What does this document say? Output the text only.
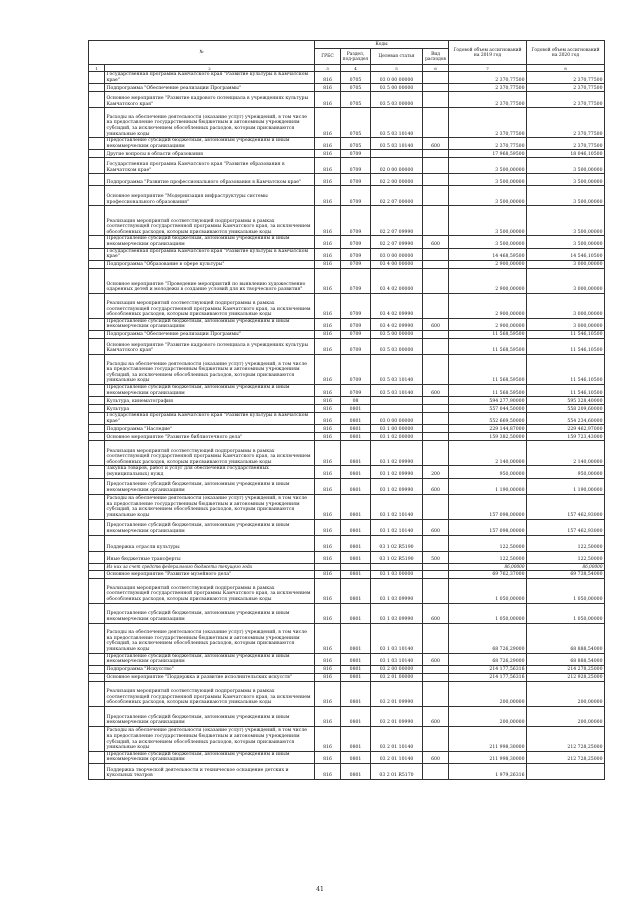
№		Коды				Годовой объем ассигнований на 2019 год	Годовой объем ассигнований на 2020 год
		ГРБС	Раздел, под-раздел	Целевая статья	Вид расходов		
1	2	3	4	5	6	7	8
	Государственная программа Камчатского края "Развитие культуры в Камчатском крае"	816	0705	03 0 00 00000		2 370,77500	2 370,77500
	Подпрограмма "Обеспечение реализации Программы"	816	0705	03 5 00 00000		2 370,77500	2 370,77500
	Основное мероприятие "Развитие кадрового потенциала в учреждениях культуры Камчатского края"	816	0705	03 5 03 00000		2 370,77500	2 370,77500
	Расходы на обеспечение деятельности (оказание услуг) учреждений, в том числе на предоставление государственным бюджетным и автономным учреждениям субсидий, за исключением обособленных расходов, которым присваиваются уникальные коды	816	0705	03 5 03 10140		2 370,77500	2 370,77500
	Предоставление субсидий бюджетным, автономным учреждениям и иным некоммерческим организациям	816	0705	03 5 03 10140	600	2 370,77500	2 370,77500
	Другие вопросы в области образования	816	0709			17 968,59500	18 046,10500
	Государственная программа Камчатского края "Развитие образования в Камчатском крае"	816	0709	02 0 00 00000		3 500,00000	3 500,00000
	Подпрограмма "Развитие профессионального образования в Камчатском крае"	816	0709	02 2 00 00000		3 500,00000	3 500,00000
	Основное мероприятие "Модернизация инфраструктуры системы профессионального образования"	816	0709	02 2 07 00000		3 500,00000	3 500,00000
	Реализация мероприятий соответствующей подпрограммы в рамках соответствующей государственной программы Камчатского края, за исключением обособленных расходов, которым присваиваются уникальные коды	816	0709	02 2 07 09990		3 500,00000	3 500,00000
	Предоставление субсидий бюджетным, автономным учреждениям и иным некоммерческим организациям	816	0709	02 2 07 09990	600	3 500,00000	3 500,00000
	Государственная программа Камчатского края "Развитие культуры в Камчатском крае"	816	0709	03 0 00 00000		14 468,59500	14 546,10500
	Подпрограмма "Образование в сфере культуры"	816	0709	03 4 00 00000		2 900,00000	3 000,00000
	Основное мероприятие "Проведение мероприятий по выявлению художественно одаренных детей и молодежи в создание условий для их творческого развития"	816	0709	03 4 02 00000		2 900,00000	3 000,00000
	Реализация мероприятий соответствующей подпрограммы в рамках соответствующей государственной программы Камчатского края, за исключением обособленных расходов, которым присваиваются уникальные коды	816	0709	03 4 02 09990		2 900,00000	3 000,00000
	Предоставление субсидий бюджетным, автономным учреждениям и иным некоммерческим организациям	816	0709	03 4 02 09990	600	2 900,00000	3 000,00000
	Подпрограмма "Обеспечение реализации Программы"	816	0709	03 5 00 00000		11 568,59500	11 546,10500
	Основное мероприятие "Развитие кадрового потенциала в учреждениях культуры Камчатского края"	816	0709	03 5 03 00000		11 568,59500	11 546,10500
	Расходы на обеспечение деятельности (оказание услуг) учреждений, в том числе на предоставление государственным бюджетным и автономным учреждениям субсидий, за исключением обособленных расходов, которым присваиваются уникальные коды	816	0709	03 5 03 10140		11 568,59500	11 546,10500
	Предоставление субсидий бюджетным, автономным учреждениям и иным некоммерческим организациям	816	0709	03 5 03 10140	600	11 568,59500	11 546,10500
	Культура, кинематография	816	08			594 277,90000	595 328,40000
	Культура	816	0801			557 044,50000	558 209,60000
	Государственная программа Камчатского края "Развитие культуры в Камчатском крае"	816	0801	03 0 00 00000		552 669,50000	554 234,60000
	Подпрограмма "Наследие"	816	0801	03 1 00 00000		229 144,87000	229 462,97000
	Основное мероприятие "Развитие библиотечного дела"	816	0801	03 1 02 00000		159 382,50000	159 723,43000
	Реализация мероприятий соответствующей подпрограммы в рамках соответствующей государственной программы Камчатского края, за исключением обособленных расходов, которым присваиваются уникальные коды	816	0801	03 1 02 09990		2 140,00000	2 140,00000
	Закупка товаров, работ и услуг для обеспечения государственных (муниципальных) нужд	816	0801	03 1 02 09990	200	950,00000	950,00000
	Предоставление субсидий бюджетным, автономным учреждениям и иным некоммерческим организациям	816	0801	03 1 02 09990	600	1 190,00000	1 190,00000
	Расходы на обеспечение деятельности (оказание услуг) учреждений, в том числе на предоставление государственным бюджетным и автономным учреждениям субсидий, за исключением обособленных расходов, которым присваиваются уникальные коды	816	0801	03 1 02 10140		157 098,00000	157 462,93000
	Предоставление субсидий бюджетным, автономным учреждениям и иным некоммерческим организациям	816	0801	03 1 02 10140	600	157 098,00000	157 462,93000
	Поддержка отрасли культуры	816	0801	03 1 02 R5190		122,50000	122,50000
	Иные бюджетные трансферты	816	0801	03 1 02 R5190	500	122,50000	122,50000
	Из них за счет средств федерального бюджета текущего года					86,00000	86,00000
	Основное мероприятие "Развитие музейного дела"	816	0801	03 1 03 00000		69 762,37000	69 738,54000
	Реализация мероприятий соответствующей подпрограммы в рамках соответствующей государственной программы Камчатского края, за исключением обособленных расходов, которым присваиваются уникальные коды	816	0801	03 1 03 09990		1 050,00000	1 050,00000
	Предоставление субсидий бюджетным, автономным учреждениям и иным некоммерческим организациям	816	0801	03 1 03 09990	600	1 050,00000	1 050,00000
	Расходы на обеспечение деятельности (оказание услуг) учреждений, в том числе на предоставление государственным бюджетным и автономным учреждениям субсидий, за исключением обособленных расходов, которым присваиваются уникальные коды	816	0801	03 1 03 10140		68 726,29000	68 888,54000
	Предоставление субсидий бюджетным, автономным учреждениям и иным некоммерческим организациям	816	0801	03 1 03 10140	600	68 726,29000	68 888,54000
	Подпрограмма "Искусство"	816	0801	03 2 00 00000		214 177,56316	214 278,25000
	Основное мероприятие "Поддержка и развитие исполнительских искусств"	816	0801	03 2 01 00000		214 177,56316	212 928,25000
	Реализация мероприятий соответствующей подпрограммы в рамках соответствующей государственной программы Камчатского края, за исключением обособленных расходов, которым присваиваются уникальные коды	816	0801	03 2 01 09990		200,00000	200,00000
	Предоставление субсидий бюджетным, автономным учреждениям и иным некоммерческим организациям	816	0801	03 2 01 09990	600	200,00000	200,00000
	Расходы на обеспечение деятельности (оказание услуг) учреждений, в том числе на предоставление государственным бюджетным и автономным учреждениям субсидий, за исключением обособленных расходов, которым присваиваются уникальные коды	816	0801	03 2 01 10140		211 998,30000	212 728,25000
	Предоставление субсидий бюджетным, автономным учреждениям и иным некоммерческим организациям	816	0801	03 2 01 10140	600	211 998,30000	212 728,25000
	Поддержка творческой деятельности и техническое оснащение детских и кукольных театров	816	0801	03 2 01 R5170		1 979,26316	
41
